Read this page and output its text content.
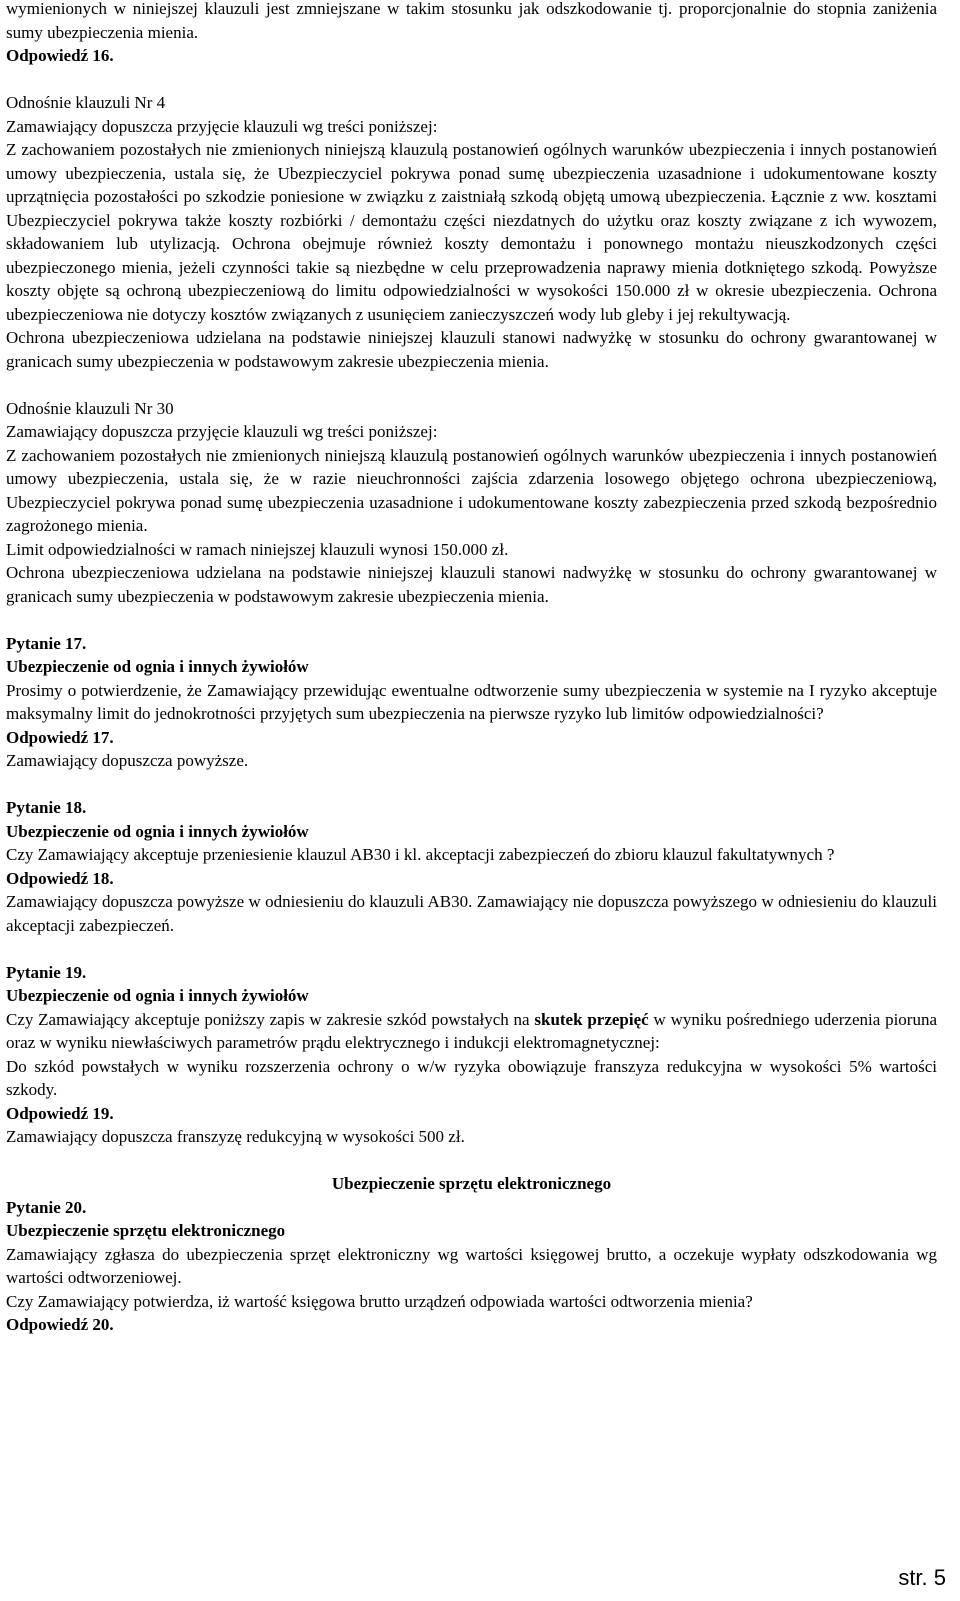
wymienionych w niniejszej klauzuli jest zmniejszane w takim stosunku jak odszkodowanie tj. proporcjonalnie do stopnia zaniżenia sumy ubezpieczenia mienia.

Odpowiedź 16.

Odnośnie klauzuli Nr 4

Zamawiający dopuszcza przyjęcie klauzuli wg treści poniższej:

Z zachowaniem pozostałych nie zmienionych niniejszą klauzulą postanowień ogólnych warunków ubezpieczenia i innych postanowień umowy ubezpieczenia, ustala się, że Ubezpieczyciel pokrywa ponad sumę ubezpieczenia uzasadnione i udokumentowane koszty uprzątnięcia pozostałości po szkodzie poniesione w związku z zaistniałą szkodą objętą umową ubezpieczenia. Łącznie z ww. kosztami Ubezpieczyciel pokrywa także koszty rozbiórki / demontażu części niezdatnych do użytku oraz koszty związane z ich wywozem, składowaniem lub utylizacją. Ochrona obejmuje również koszty demontażu i ponownego montażu nieuszkodzonych części ubezpieczonego mienia, jeżeli czynności takie są niezbędne w celu przeprowadzenia naprawy mienia dotkniętego szkodą. Powyższe koszty objęte są ochroną ubezpieczeniową do limitu odpowiedzialności w wysokości 150.000 zł w okresie ubezpieczenia. Ochrona ubezpieczeniowa nie dotyczy kosztów związanych z usunięciem zanieczyszczeń wody lub gleby i jej rekultywacją.

Ochrona ubezpieczeniowa udzielana na podstawie niniejszej klauzuli stanowi nadwyżkę w stosunku do ochrony gwarantowanej w granicach sumy ubezpieczenia w podstawowym zakresie ubezpieczenia mienia.

Odnośnie klauzuli Nr 30

Zamawiający dopuszcza przyjęcie klauzuli wg treści poniższej:

Z zachowaniem pozostałych nie zmienionych niniejszą klauzulą postanowień ogólnych warunków ubezpieczenia i innych postanowień umowy ubezpieczenia, ustala się, że w razie nieuchronności zajścia zdarzenia losowego objętego ochrona ubezpieczeniową, Ubezpieczyciel pokrywa ponad sumę ubezpieczenia uzasadnione i udokumentowane koszty zabezpieczenia przed szkodą bezpośrednio zagrożonego mienia.

Limit odpowiedzialności w ramach niniejszej klauzuli wynosi 150.000 zł.

Ochrona ubezpieczeniowa udzielana na podstawie niniejszej klauzuli stanowi nadwyżkę w stosunku do ochrony gwarantowanej w granicach sumy ubezpieczenia w podstawowym zakresie ubezpieczenia mienia.

Pytanie 17.

Ubezpieczenie od ognia i innych żywiołów

Prosimy o potwierdzenie, że Zamawiający przewidując ewentualne odtworzenie sumy ubezpieczenia w systemie na I ryzyko akceptuje maksymalny limit do jednokrotności przyjętych sum ubezpieczenia na pierwsze ryzyko lub limitów odpowiedzialności?

Odpowiedź 17.

Zamawiający dopuszcza powyższe.

Pytanie 18.

Ubezpieczenie od ognia i innych żywiołów

Czy Zamawiający akceptuje przeniesienie klauzul AB30 i kl. akceptacji zabezpieczeń do zbioru klauzul fakultatywnych ?

Odpowiedź 18.

Zamawiający dopuszcza powyższe w odniesieniu do klauzuli AB30. Zamawiający nie dopuszcza powyższego w odniesieniu do klauzuli akceptacji zabezpieczeń.

Pytanie 19.

Ubezpieczenie od ognia i innych żywiołów

Czy Zamawiający akceptuje poniższy zapis w zakresie szkód powstałych na skutek przepięć w wyniku pośredniego uderzenia pioruna oraz w wyniku niewłaściwych parametrów prądu elektrycznego i indukcji elektromagnetycznej:

Do szkód powstałych w wyniku rozszerzenia ochrony o w/w ryzyka obowiązuje franszyza redukcyjna w wysokości 5% wartości szkody.

Odpowiedź 19.

Zamawiający dopuszcza franszyzę redukcyjną w wysokości 500 zł.

Ubezpieczenie sprzętu elektronicznego

Pytanie 20.

Ubezpieczenie sprzętu elektronicznego

Zamawiający zgłasza do ubezpieczenia sprzęt elektroniczny wg wartości księgowej brutto, a oczekuje wypłaty odszkodowania wg wartości odtworzeniowej.

Czy Zamawiający potwierdza, iż wartość księgowa brutto urządzeń odpowiada wartości odtworzenia mienia?

Odpowiedź 20.

str. 5
